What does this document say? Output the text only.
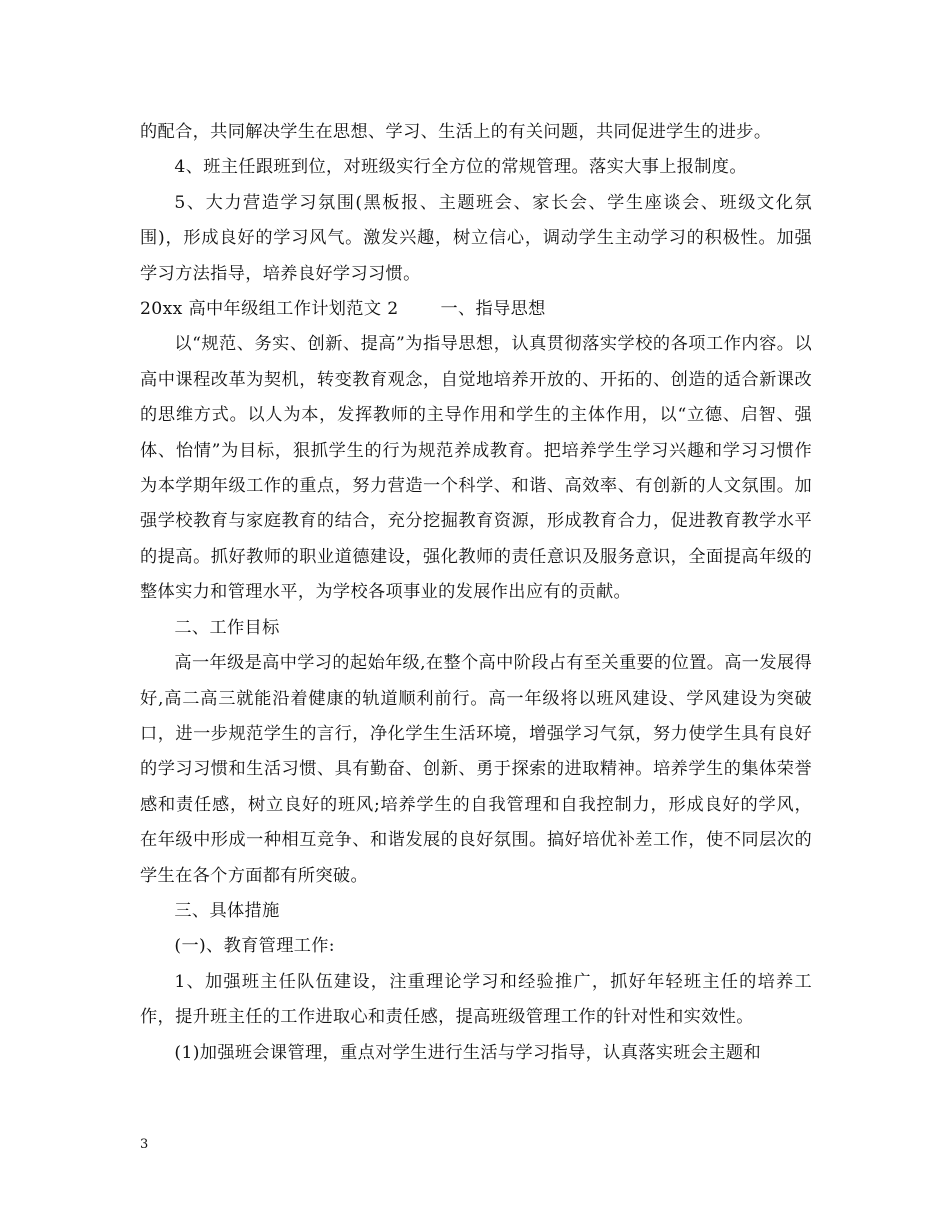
的配合，共同解决学生在思想、学习、生活上的有关问题，共同促进学生的进步。

4、班主任跟班到位，对班级实行全方位的常规管理。落实大事上报制度。

5、大力营造学习氛围(黑板报、主题班会、家长会、学生座谈会、班级文化氛围)，形成良好的学习风气。激发兴趣，树立信心，调动学生主动学习的积极性。加强学习方法指导，培养良好学习习惯。

20xx 高中年级组工作计划范文 2 一、指导思想

以“规范、务实、创新、提高”为指导思想，认真贯彻落实学校的各项工作内容。以高中课程改革为契机，转变教育观念，自觉地培养开放的、开拓的、创造的适合新课改的思维方式。以人为本，发挥教师的主导作用和学生的主体作用，以“立德、启智、强体、怡情”为目标，狠抓学生的行为规范养成教育。把培养学生学习兴趣和学习习惯作为本学期年级工作的重点，努力营造一个科学、和谐、高效率、有创新的人文氛围。加强学校教育与家庭教育的结合，充分挖掘教育资源，形成教育合力，促进教育教学水平的提高。抓好教师的职业道德建设，强化教师的责任意识及服务意识，全面提高年级的整体实力和管理水平，为学校各项事业的发展作出应有的贡献。

二、工作目标

高一年级是高中学习的起始年级,在整个高中阶段占有至关重要的位置。高一发展得好,高二高三就能沿着健康的轨道顺利前行。高一年级将以班风建设、学风建设为突破口，进一步规范学生的言行，净化学生生活环境，增强学习气氛，努力使学生具有良好的学习习惯和生活习惯、具有勤奋、创新、勇于探索的进取精神。培养学生的集体荣誉感和责任感，树立良好的班风;培养学生的自我管理和自我控制力，形成良好的学风，在年级中形成一种相互竞争、和谐发展的良好氛围。搞好培优补差工作，使不同层次的学生在各个方面都有所突破。

三、具体措施

(一)、教育管理工作:

1、加强班主任队伍建设，注重理论学习和经验推广，抓好年轻班主任的培养工作，提升班主任的工作进取心和责任感，提高班级管理工作的针对性和实效性。

(1)加强班会课管理，重点对学生进行生活与学习指导，认真落实班会主题和

3
